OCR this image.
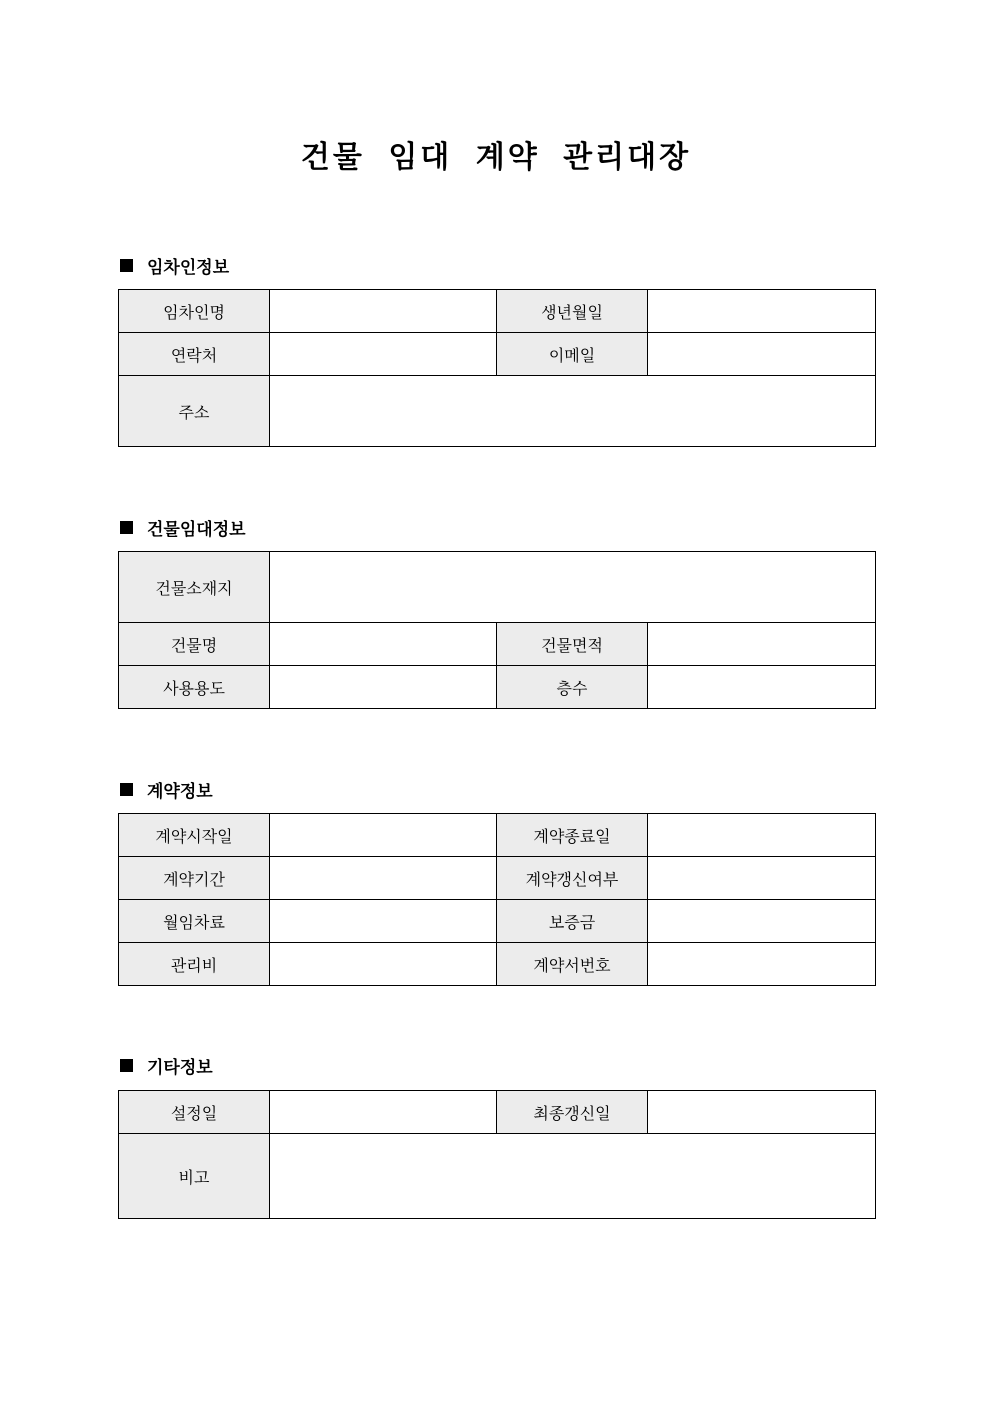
건물 임대 계약 관리대장
임차인정보
임차인명		생년월일	
연락처		이메일	
주소			
건물임대정보
건물소재지			
건물명		건물면적	
사용용도		층수	
계약정보
계약시작일		계약종료일	
계약기간		계약갱신여부	
월임차료		보증금	
관리비		계약서번호	
기타정보
설정일		최종갱신일	
비고			
